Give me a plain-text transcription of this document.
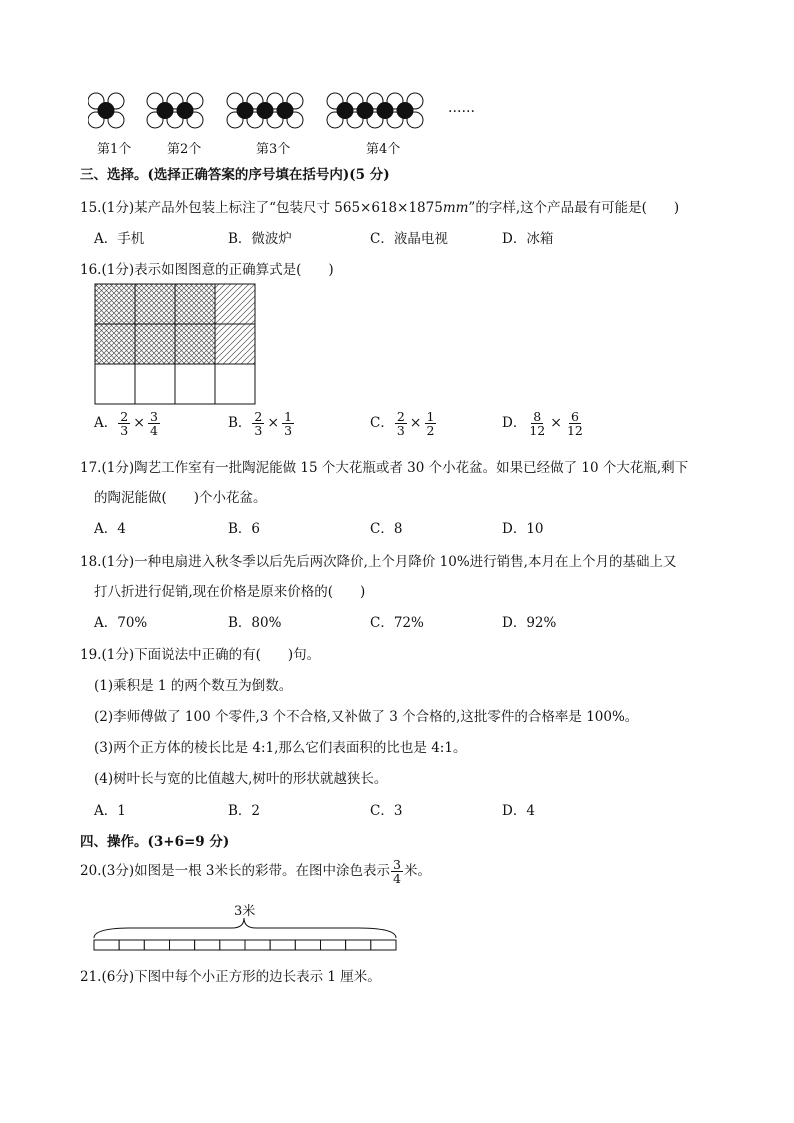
第1个	第2个	第3个	第4个
……
三、选择。(选择正确答案的序号填在括号内)(5 分)
15.(1分)某产品外包装上标注了“包装尺寸 565×618×1875mm”的字样,这个产品最有可能是(　　)
A．手机	B．微波炉	C．液晶电视	D．冰箱
16.(1分)表示如图图意的正确算式是(　　)
A． $\frac{2}{3} \times \frac{3}{4}$	B． $\frac{2}{3} \times \frac{1}{3}$	C． $\frac{2}{3} \times \frac{1}{2}$	D． $\frac{8}{12} \times \frac{6}{12}$
17.(1分)陶艺工作室有一批陶泥能做 15 个大花瓶或者 30 个小花盆。如果已经做了 10 个大花瓶,剩下
的陶泥能做(　　)个小花盆。
A．4	B．6	C．8	D．10
18.(1分)一种电扇进入秋冬季以后先后两次降价,上个月降价 10%进行销售,本月在上个月的基础上又
打八折进行促销,现在价格是原来价格的(　　)
A．70%	B．80%	C．72%	D．92%
19.(1分)下面说法中正确的有(　　)句。
(1)乘积是 1 的两个数互为倒数。
(2)李师傅做了 100 个零件,3 个不合格,又补做了 3 个合格的,这批零件的合格率是 100%。
(3)两个正方体的棱长比是 4:1,那么它们表面积的比也是 4:1。
(4)树叶长与宽的比值越大,树叶的形状就越狭长。
A．1	B．2	C．3	D．4
四、操作。(3+6=9 分)
20.(3分)如图是一根 3米长的彩带。在图中涂色表示 $\frac{3}{4}$ 米。
3米
21.(6分)下图中每个小正方形的边长表示 1 厘米。
